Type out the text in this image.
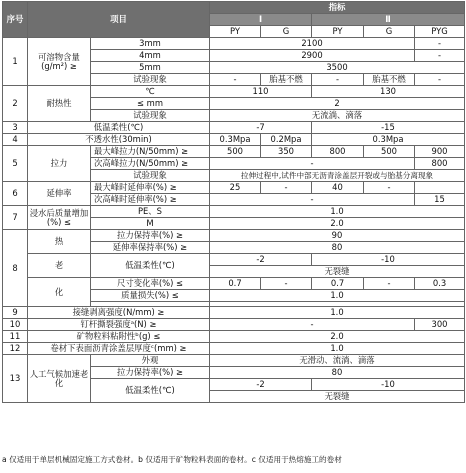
序号	项目		指标				
			Ⅰ		Ⅱ		
			PY	G	PY	G	PYG
1	可溶物含量(g/m²) ≥	3mm	2100				-
		4mm	2900				-
		5mm	3500				
		试验现象	-	胎基不燃	-	胎基不燃	-
2	耐热性	℃	110		130		
		≤ mm	2				
		试验现象	无流淌、滴落				
3	低温柔性(℃)		-7		-15		
4	不透水性(30min)		0.3Mpa	0.2Mpa	0.3Mpa		
5	拉力	最大峰拉力(N/50mm) ≥	500	350	800	500	900
		次高峰拉力(N/50mm) ≥	-				800
		试验现象	拉伸过程中,试件中部无沥青涂盖层开裂或与胎基分离现象				
6	延伸率	最大峰时延伸率(%) ≥	25	-	40	-	
		次高峰时延伸率(%) ≥	-				15
7	浸水后质量增加(%) ≤	PE、S	1.0				
		M	2.0				
8	热	拉力保持率(%) ≥	90				
		延伸率保持率(%) ≥	80				
	老	低温柔性(℃)	-2		-10		
			无裂缝				
	化	尺寸变化率(%) ≤	0.7	-	0.7	-	0.3
		质量损失(%) ≤	1.0				

9	接缝剥离强度(N/mm) ≥		1.0				
10	钉杆撕裂强度ᵃ(N) ≥		-				300
11	矿物粒料粘附性ᵇ(g) ≤		2.0				
12	卷材下表面沥青涂盖层厚度ᶜ(mm) ≥		1.0				
13	人工气候加速老化	外观	无滑动、流淌、滴落				
		拉力保持率(%) ≥	80				
		低温柔性(℃)	-2		-10		
			无裂缝				
a 仅适用于单层机械固定施工方式卷材。b 仅适用于矿物粒料表面的卷材。c 仅适用于热熔施工的卷材
